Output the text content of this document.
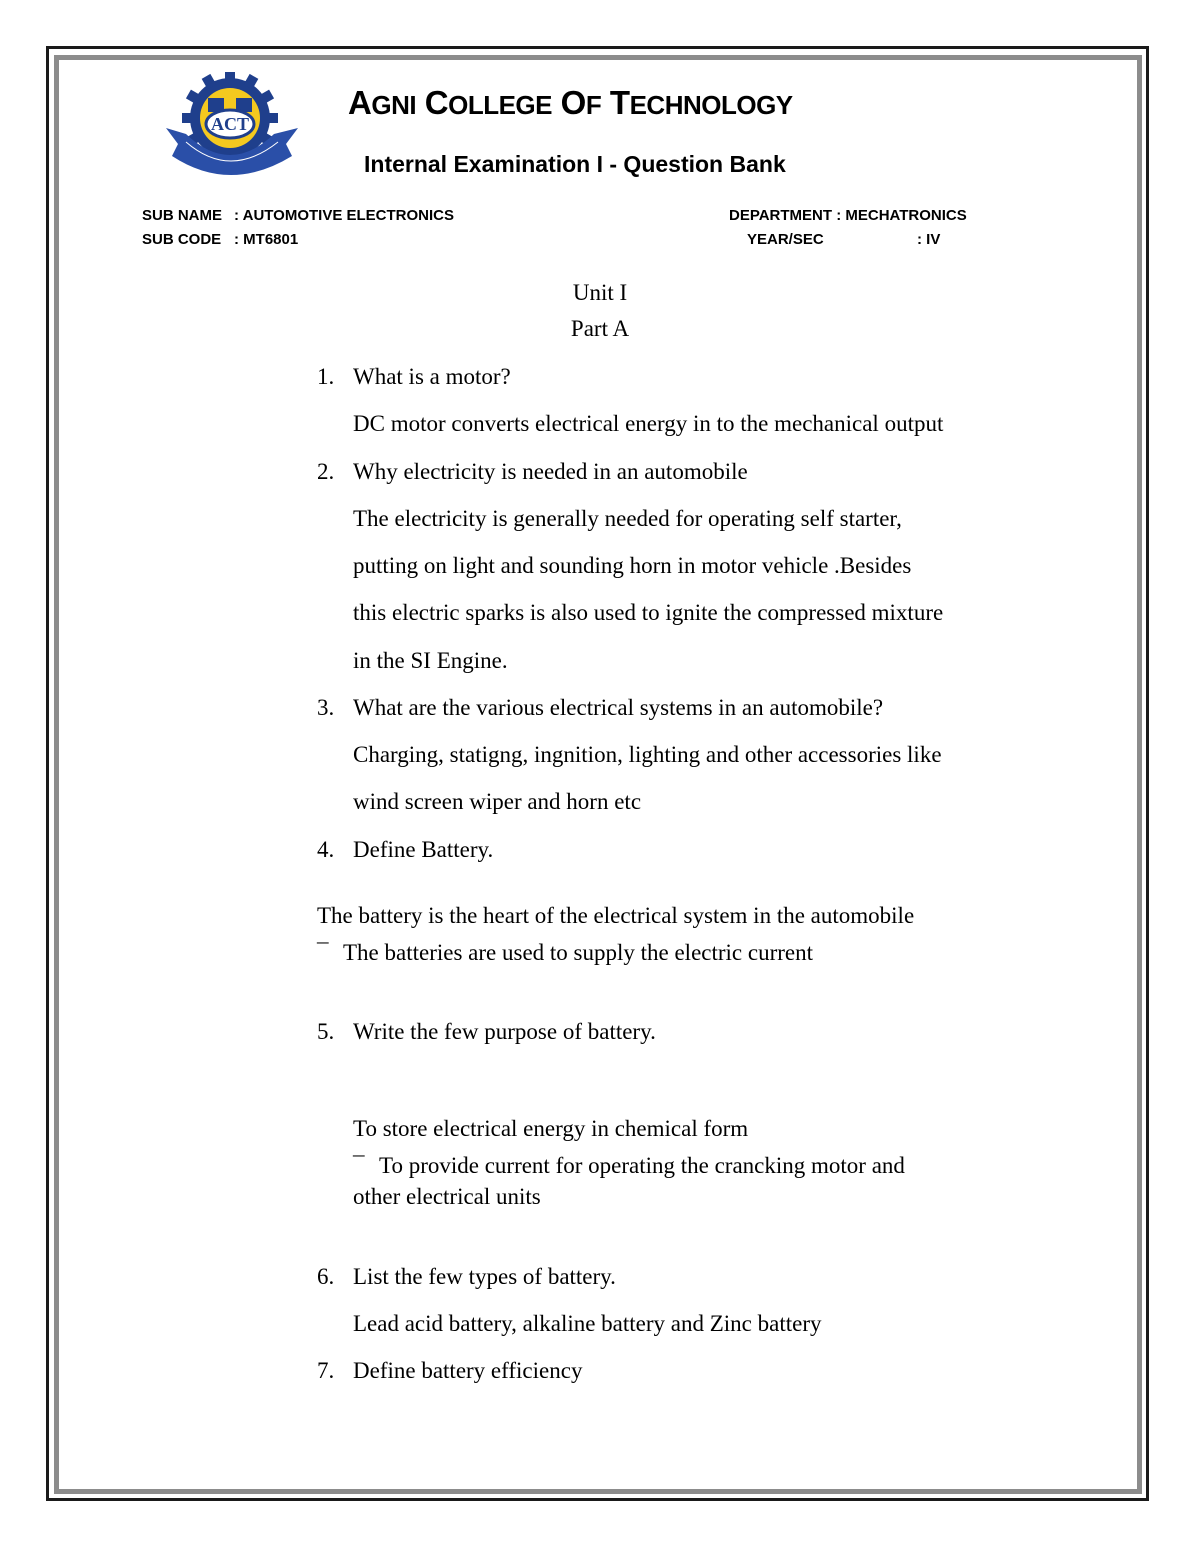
ACT
AGNI COLLEGE OF TECHNOLOGY
Internal Examination I - Question Bank
SUB NAME : AUTOMOTIVE ELECTRONICS
SUB CODE : MT6801
DEPARTMENT : MECHATRONICS
YEAR/SEC	: IV
Unit I
Part A
1. What is a motor?
DC motor converts electrical energy in to the mechanical output
2. Why electricity is needed in an automobile
The electricity is generally needed for operating self starter,
putting on light and sounding horn in motor vehicle .Besides
this electric sparks is also used to ignite the compressed mixture
in the SI Engine.
3. What are the various electrical systems in an automobile?
Charging, statigng, ingnition, lighting and other accessories like
wind screen wiper and horn etc
4. Define Battery.
The battery is the heart of the electrical system in the automobile
¯ The batteries are used to supply the electric current
5. Write the few purpose of battery.
To store electrical energy in chemical form
¯ To provide current for operating the crancking motor and
other electrical units
6. List the few types of battery.
Lead acid battery, alkaline battery and Zinc battery
7. Define battery efficiency
